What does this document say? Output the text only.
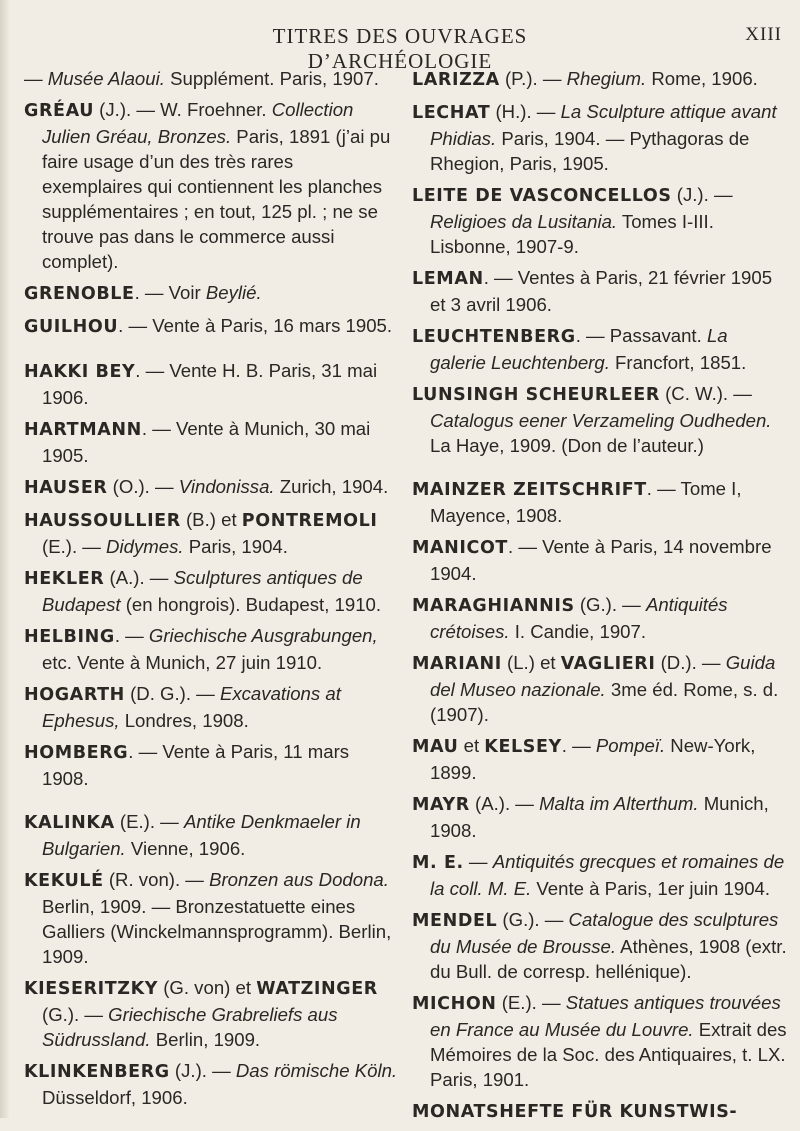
TITRES DES OUVRAGES D’ARCHÉOLOGIE
XIII

— Musée Alaoui. Supplément. Paris, 1907.

GRÉAU (J.). — W. Froehner. Collection Julien Gréau, Bronzes. Paris, 1891 (j’ai pu faire usage d’un des très rares exemplaires qui contiennent les planches supplémentaires ; en tout, 125 pl. ; ne se trouve pas dans le commerce aussi complet).

GRENOBLE. — Voir Beylié.

GUILHOU. — Vente à Paris, 16 mars 1905.

HAKKI BEY. — Vente H. B. Paris, 31 mai 1906.

HARTMANN. — Vente à Munich, 30 mai 1905.

HAUSER (O.). — Vindonissa. Zurich, 1904.

HAUSSOULLIER (B.) et PONTREMOLI (E.). — Didymes. Paris, 1904.

HEKLER (A.). — Sculptures antiques de Budapest (en hongrois). Budapest, 1910.

HELBING. — Griechische Ausgrabungen, etc. Vente à Munich, 27 juin 1910.

HOGARTH (D. G.). — Excavations at Ephesus, Londres, 1908.

HOMBERG. — Vente à Paris, 11 mars 1908.

KALINKA (E.). — Antike Denkmaeler in Bulgarien. Vienne, 1906.

KEKULÉ (R. von). — Bronzen aus Dodona. Berlin, 1909. — Bronzestatuette eines Galliers (Winckelmannsprogramm). Berlin, 1909.

KIESERITZKY (G. von) et WATZINGER (G.). — Griechische Grabreliefs aus Südrussland. Berlin, 1909.

KLINKENBERG (J.). — Das römische Köln. Düsseldorf, 1906.

LARIZZA (P.). — Rhegium. Rome, 1906.

LECHAT (H.). — La Sculpture attique avant Phidias. Paris, 1904. — Pythagoras de Rhegion, Paris, 1905.

LEITE DE VASCONCELLOS (J.). — Religioes da Lusitania. Tomes I-III. Lisbonne, 1907-9.

LEMAN. — Ventes à Paris, 21 février 1905 et 3 avril 1906.

LEUCHTENBERG. — Passavant. La galerie Leuchtenberg. Francfort, 1851.

LUNSINGH SCHEURLEER (C. W.). — Catalogus eener Verzameling Oudheden. La Haye, 1909. (Don de l’auteur.)

MAINZER ZEITSCHRIFT. — Tome I, Mayence, 1908.

MANICOT. — Vente à Paris, 14 novembre 1904.

MARAGHIANNIS (G.). — Antiquités crétoises. I. Candie, 1907.

MARIANI (L.) et VAGLIERI (D.). — Guida del Museo nazionale. 3me éd. Rome, s. d. (1907).

MAU et KELSEY. — Pompeï. New-York, 1899.

MAYR (A.). — Malta im Alterthum. Munich, 1908.

M. E. — Antiquités grecques et romaines de la coll. M. E. Vente à Paris, 1er juin 1904.

MENDEL (G.). — Catalogue des sculptures du Musée de Brousse. Athènes, 1908 (extr. du Bull. de corresp. hellénique).

MICHON (E.). — Statues antiques trouvées en France au Musée du Louvre. Extrait des Mémoires de la Soc. des Antiquaires, t. LX. Paris, 1901.

MONATSHEFTE FÜR KUNSTWIS-
